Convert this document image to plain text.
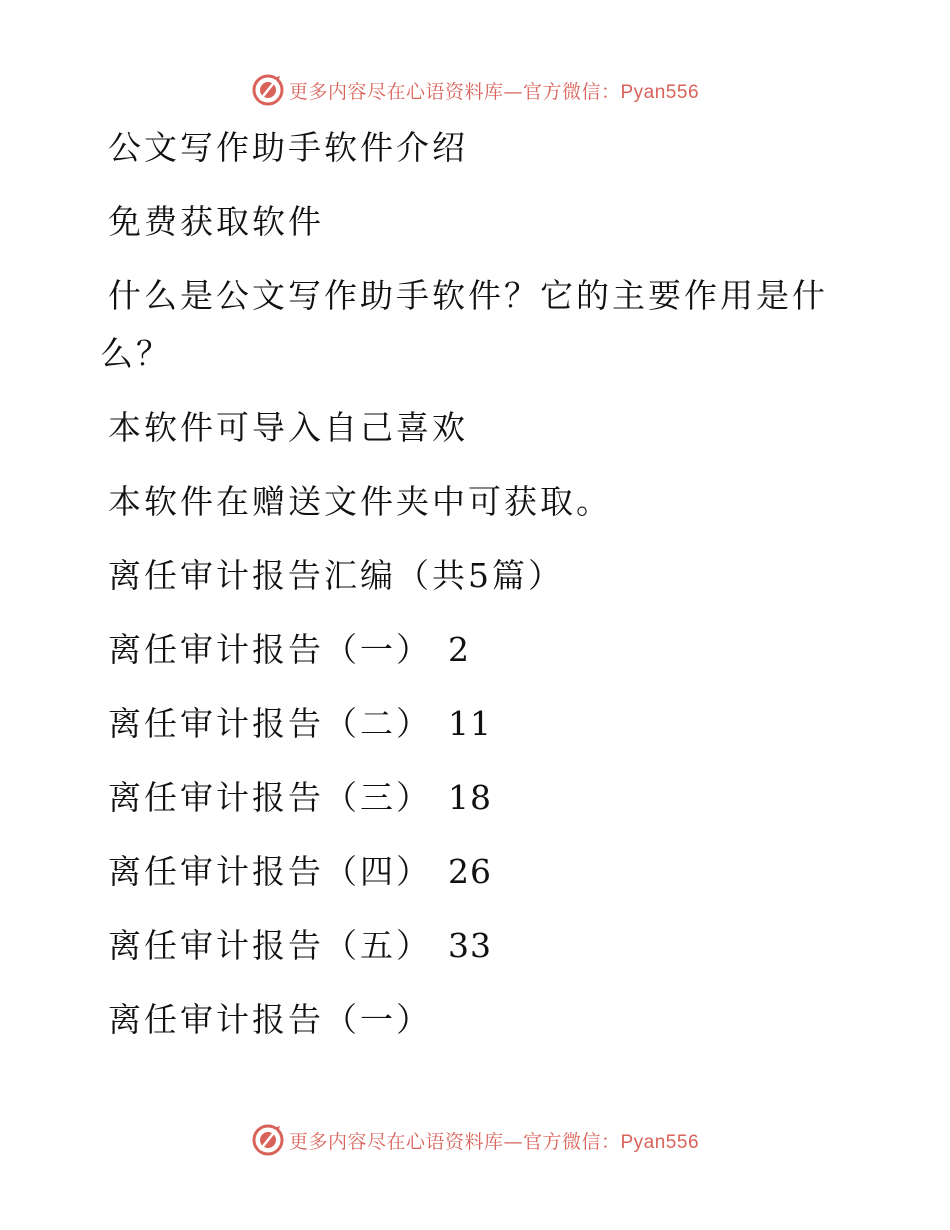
更多内容尽在心语资料库—官方微信：Pyan556
公文写作助手软件介绍
免费获取软件
什么是公文写作助手软件？它的主要作用是什
么？
本软件可导入自己喜欢
本软件在赠送文件夹中可获取。
离任审计报告汇编（共5篇）
离任审计报告（一） 2
离任审计报告（二） 11
离任审计报告（三） 18
离任审计报告（四） 26
离任审计报告（五） 33
离任审计报告（一）
更多内容尽在心语资料库—官方微信：Pyan556
